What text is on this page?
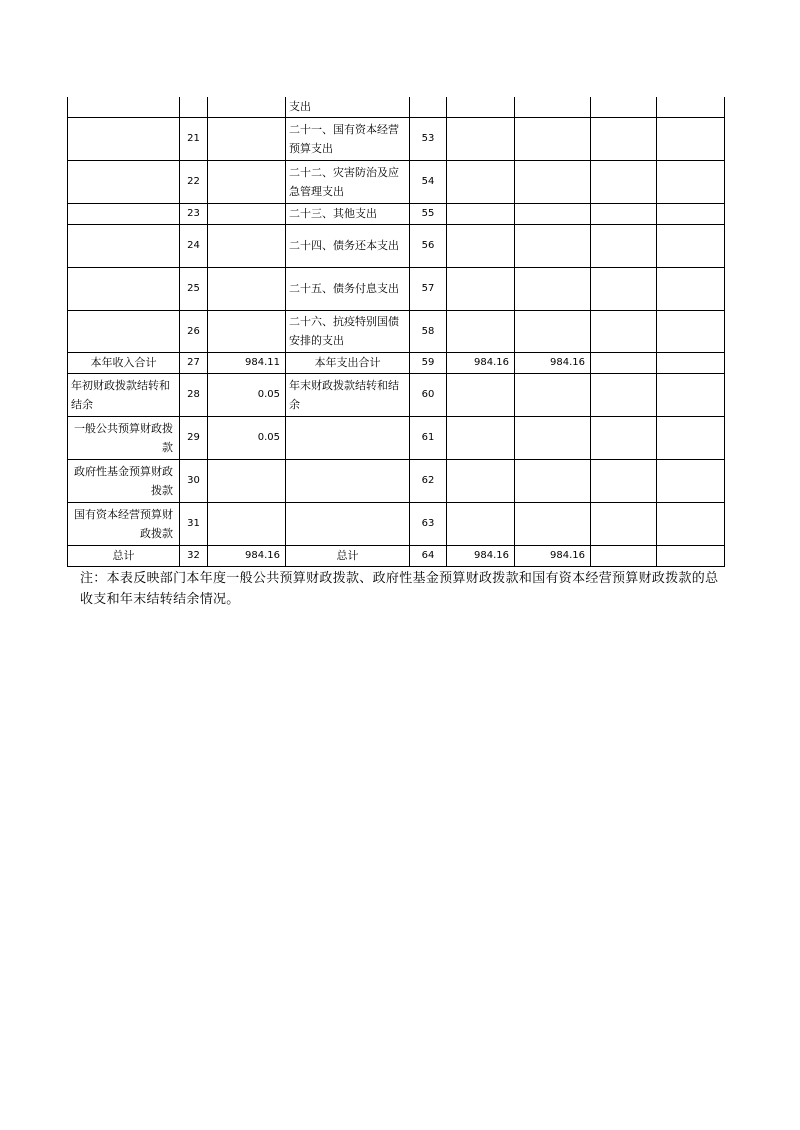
			支出					
	21		二十一、国有资本经营预算支出	53				
	22		二十二、灾害防治及应急管理支出	54				
	23		二十三、其他支出	55				
	24		二十四、债务还本支出	56				
	25		二十五、债务付息支出	57				
	26		二十六、抗疫特别国债安排的支出	58				
本年收入合计	27	984.11	本年支出合计	59	984.16	984.16		
年初财政拨款结转和结余	28	0.05	年末财政拨款结转和结余	60				
一般公共预算财政拨款	29	0.05		61				
政府性基金预算财政拨款	30			62				
国有资本经营预算财政拨款	31			63				
总计	32	984.16	总计	64	984.16	984.16		
注：本表反映部门本年度一般公共预算财政拨款、政府性基金预算财政拨款和国有资本经营预算财政拨款的总收支和年末结转结余情况。
